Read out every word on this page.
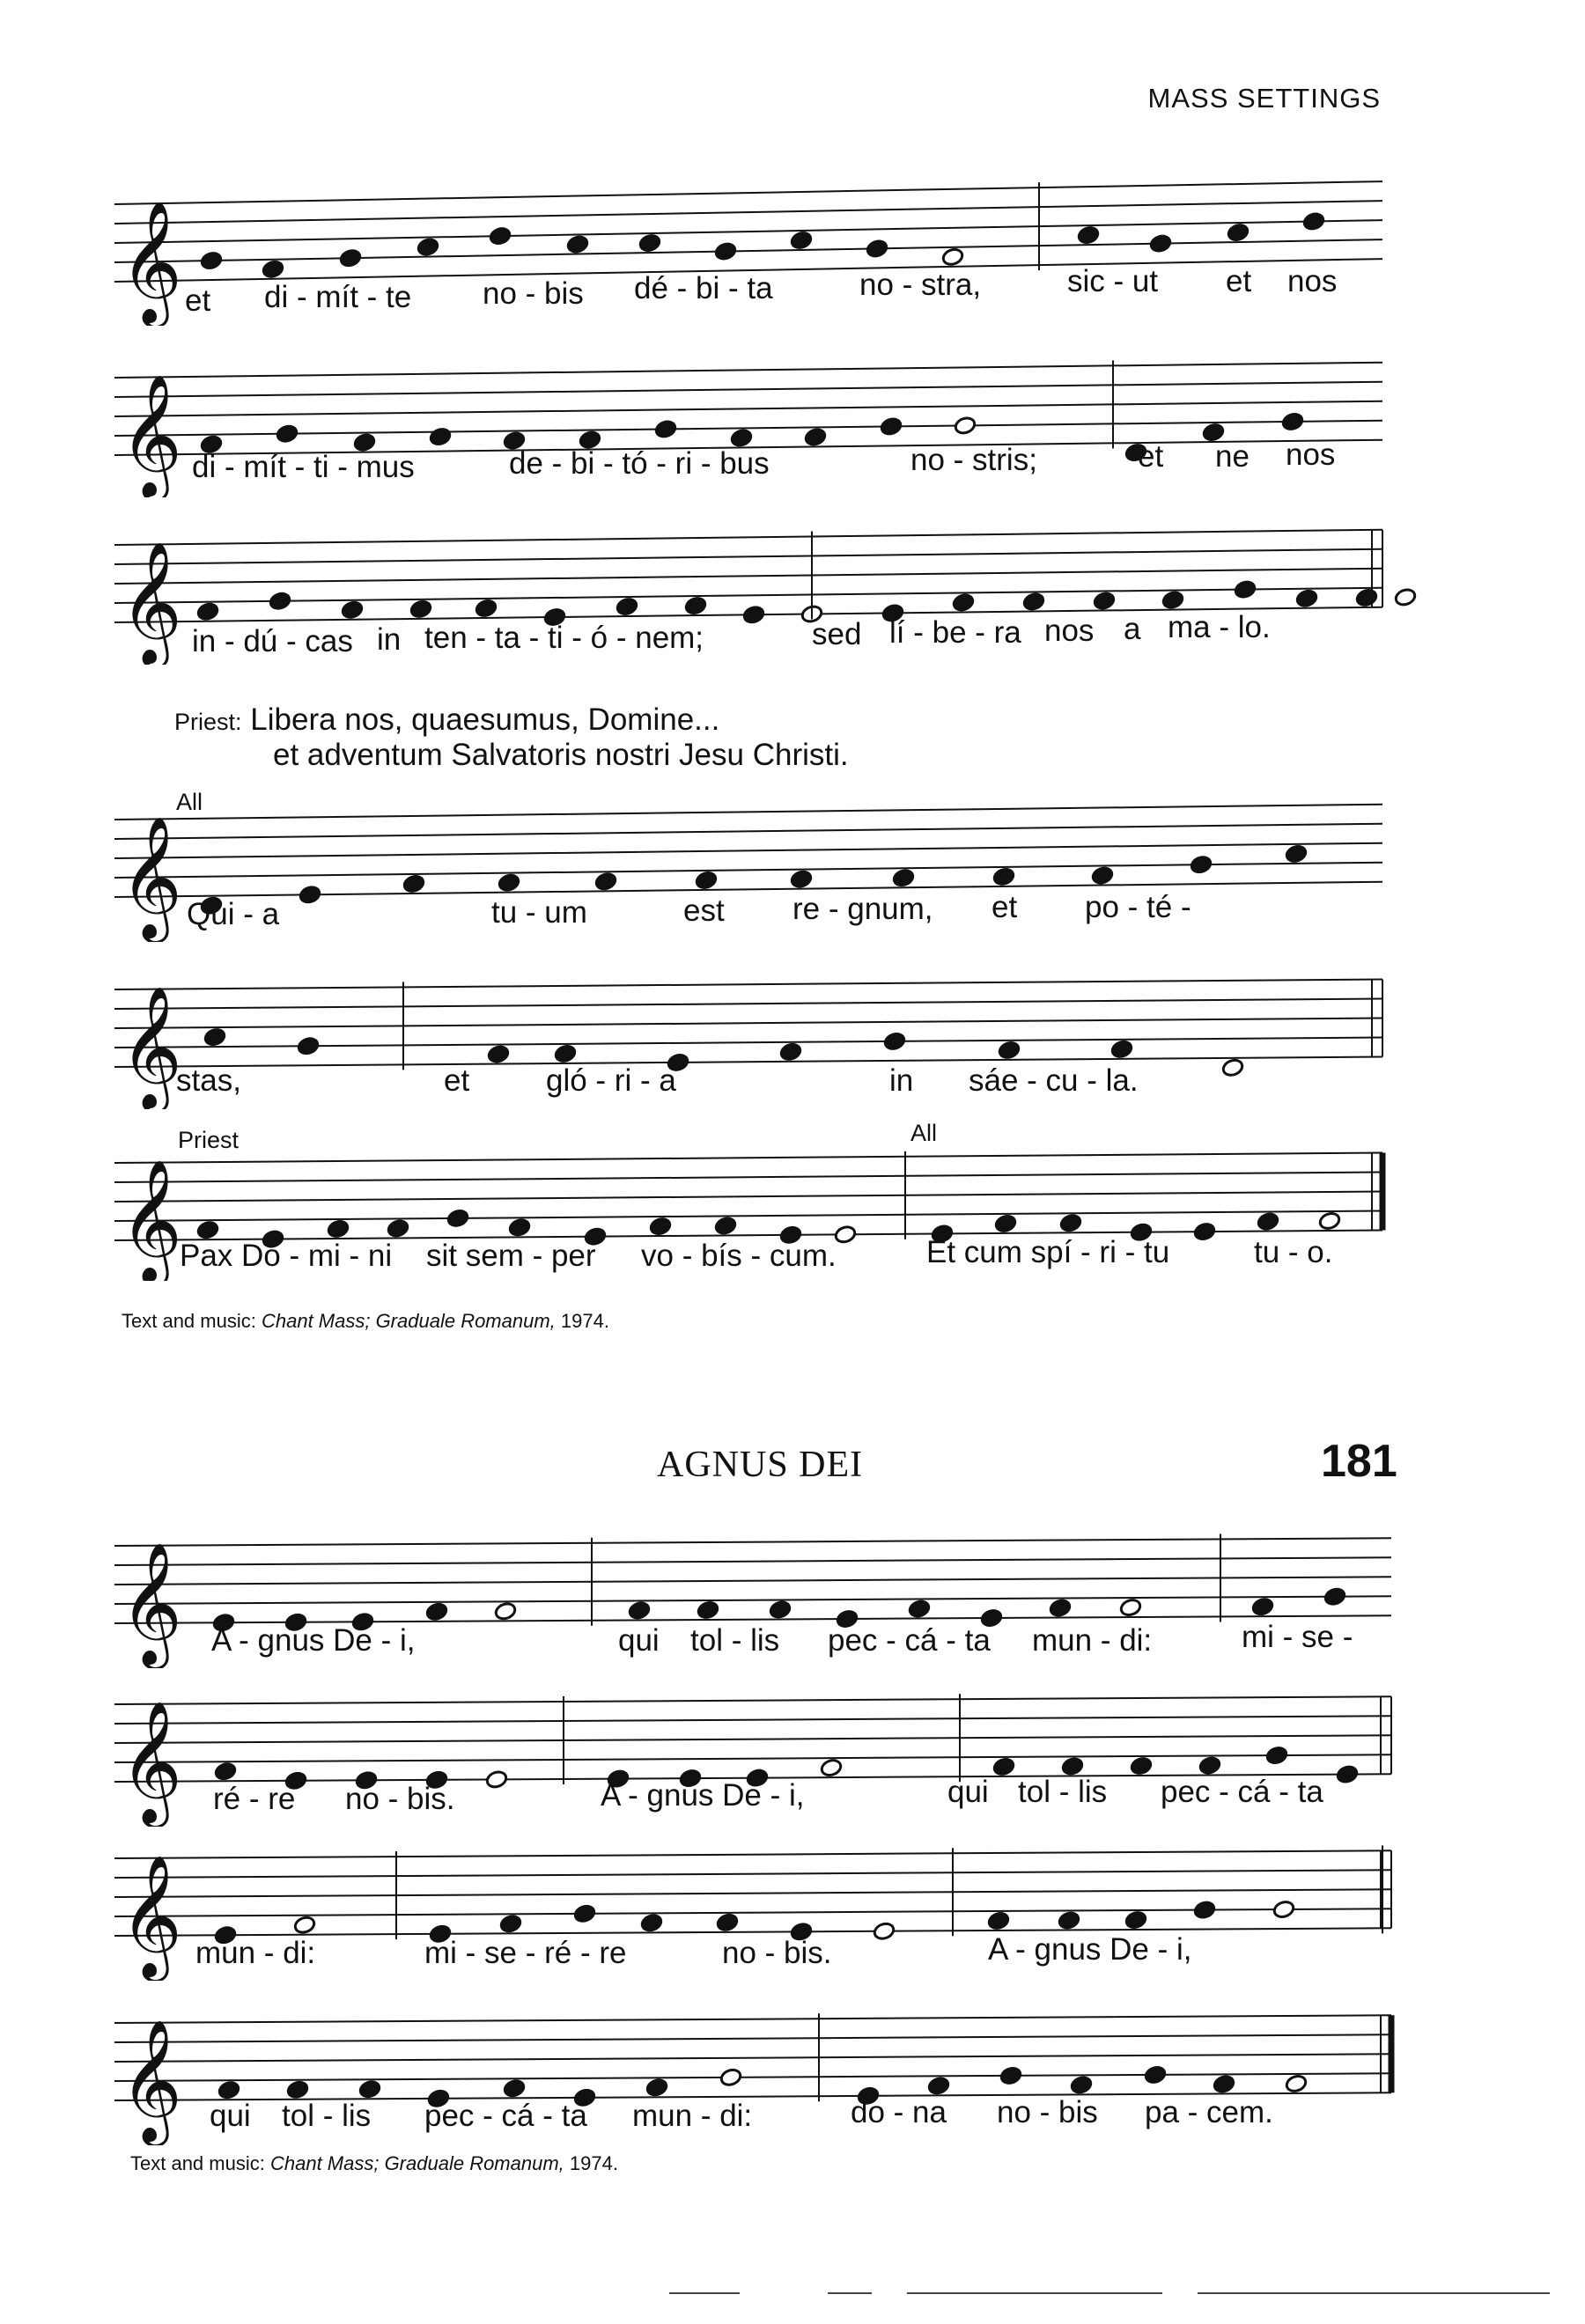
MASS SETTINGS
𝄞 et di - mít - te no - bis dé - bi - ta	no - stra,	sic - ut et nos
𝄞 di - mít - ti - mus	de - bi - tó - ri - bus	no - stris;	et ne nos
𝄞 in - dú - cas in ten - ta - ti - ó - nem;	sed lí - be - ra nos a ma - lo.
Priest: Libera nos, quaesumus, Domine...
et adventum Salvatoris nostri Jesu Christi.
All
𝄞 Qui - a	tu - um	est re - gnum, et po - té -
𝄞
stas,	et gló - ri - a	in sáe - cu - la.
Priest	All
𝄞
Pax Dó - mi - ni sit sem - per vo - bís - cum.	Et cum spí - ri - tu	tu - o.
Text and music: Chant Mass; Graduale Romanum, 1974.
AGNUS DEI	181
𝄞 A - gnus De - i,	qui tol - lis pec - cá - ta mun - di:	mi - se -
𝄞 ré - re no - bis.	A - gnus De - i,	qui tol - lis pec - cá - ta
𝄞 mun - di:	mi - se - ré - re	no - bis.	A - gnus De - i,
𝄞 qui tol - lis pec - cá - ta mun - di:	do - na no - bis pa - cem.
Text and music: Chant Mass; Graduale Romanum, 1974.
